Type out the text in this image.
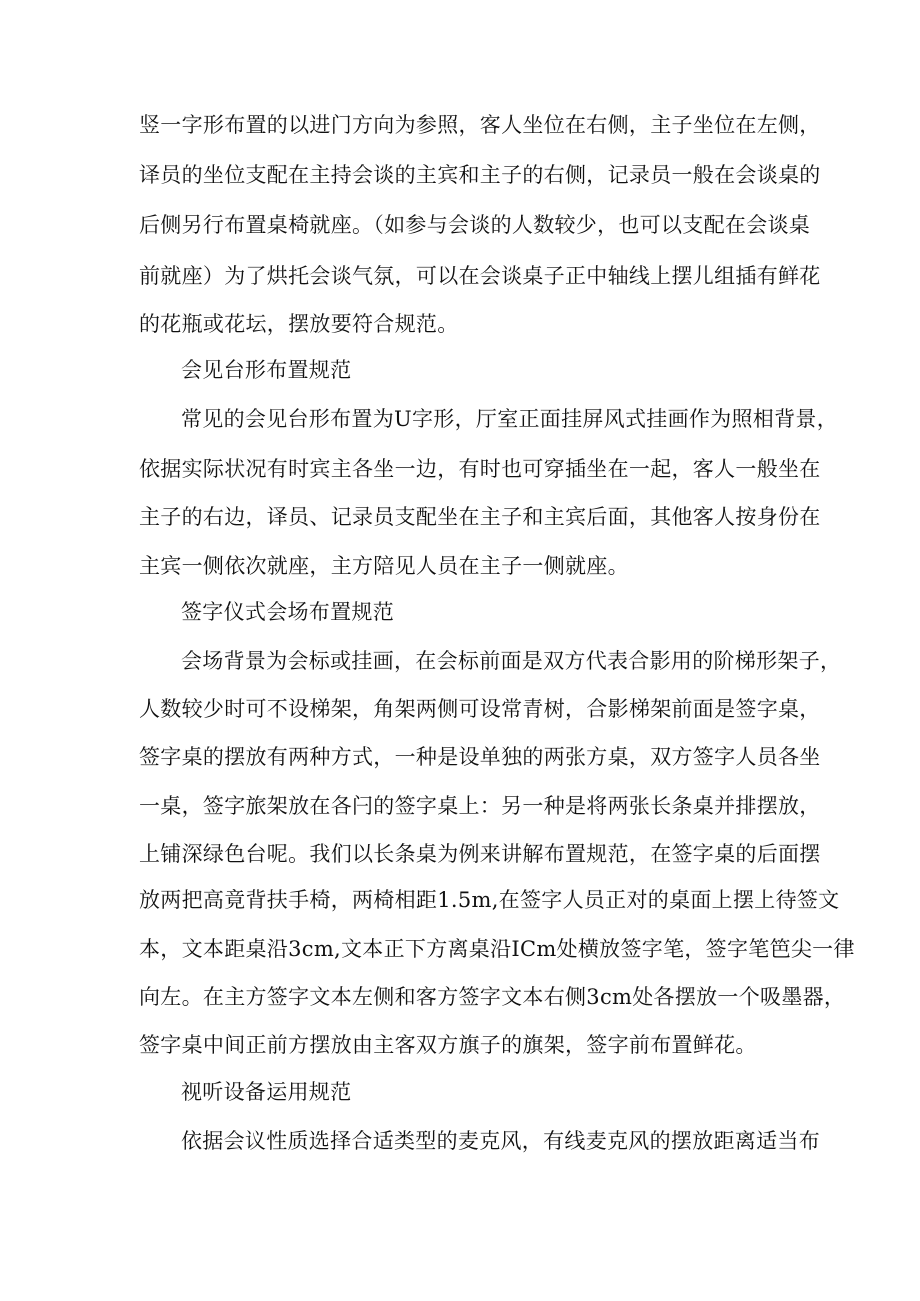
竖一字形布置的以进门方向为参照，客人坐位在右侧，主子坐位在左侧，
译员的坐位支配在主持会谈的主宾和主子的右侧，记录员一般在会谈桌的
后侧另行布置桌椅就座。（如参与会谈的人数较少，也可以支配在会谈桌
前就座）为了烘托会谈气氛，可以在会谈桌子正中轴线上摆儿组插有鲜花
的花瓶或花坛，摆放要符合规范。
会见台形布置规范
常见的会见台形布置为U字形，厅室正面挂屏风式挂画作为照相背景，
依据实际状况有时宾主各坐一边，有时也可穿插坐在一起，客人一般坐在
主子的右边，译员、记录员支配坐在主子和主宾后面，其他客人按身份在
主宾一侧依次就座，主方陪见人员在主子一侧就座。
签字仪式会场布置规范
会场背景为会标或挂画，在会标前面是双方代表合影用的阶梯形架子，
人数较少时可不设梯架，角架两侧可设常青树，合影梯架前面是签字桌，
签字桌的摆放有两种方式，一种是设单独的两张方桌，双方签字人员各坐
一桌，签字旅架放在各闩的签字桌上：另一种是将两张长条桌并排摆放，
上铺深绿色台呢。我们以长条桌为例来讲解布置规范，在签字桌的后面摆
放两把高竟背扶手椅，两椅相距1.5m,在签字人员正对的桌面上摆上待签文
本，文本距桌沿3cm,文本正下方离桌沿ICm处横放签字笔，签字笔笆尖一律
向左。在主方签字文本左侧和客方签字文本右侧3cm处各摆放一个吸墨器，
签字桌中间正前方摆放由主客双方旗子的旗架，签字前布置鲜花。
视听设备运用规范
依据会议性质选择合适类型的麦克风，有线麦克风的摆放距离适当布
